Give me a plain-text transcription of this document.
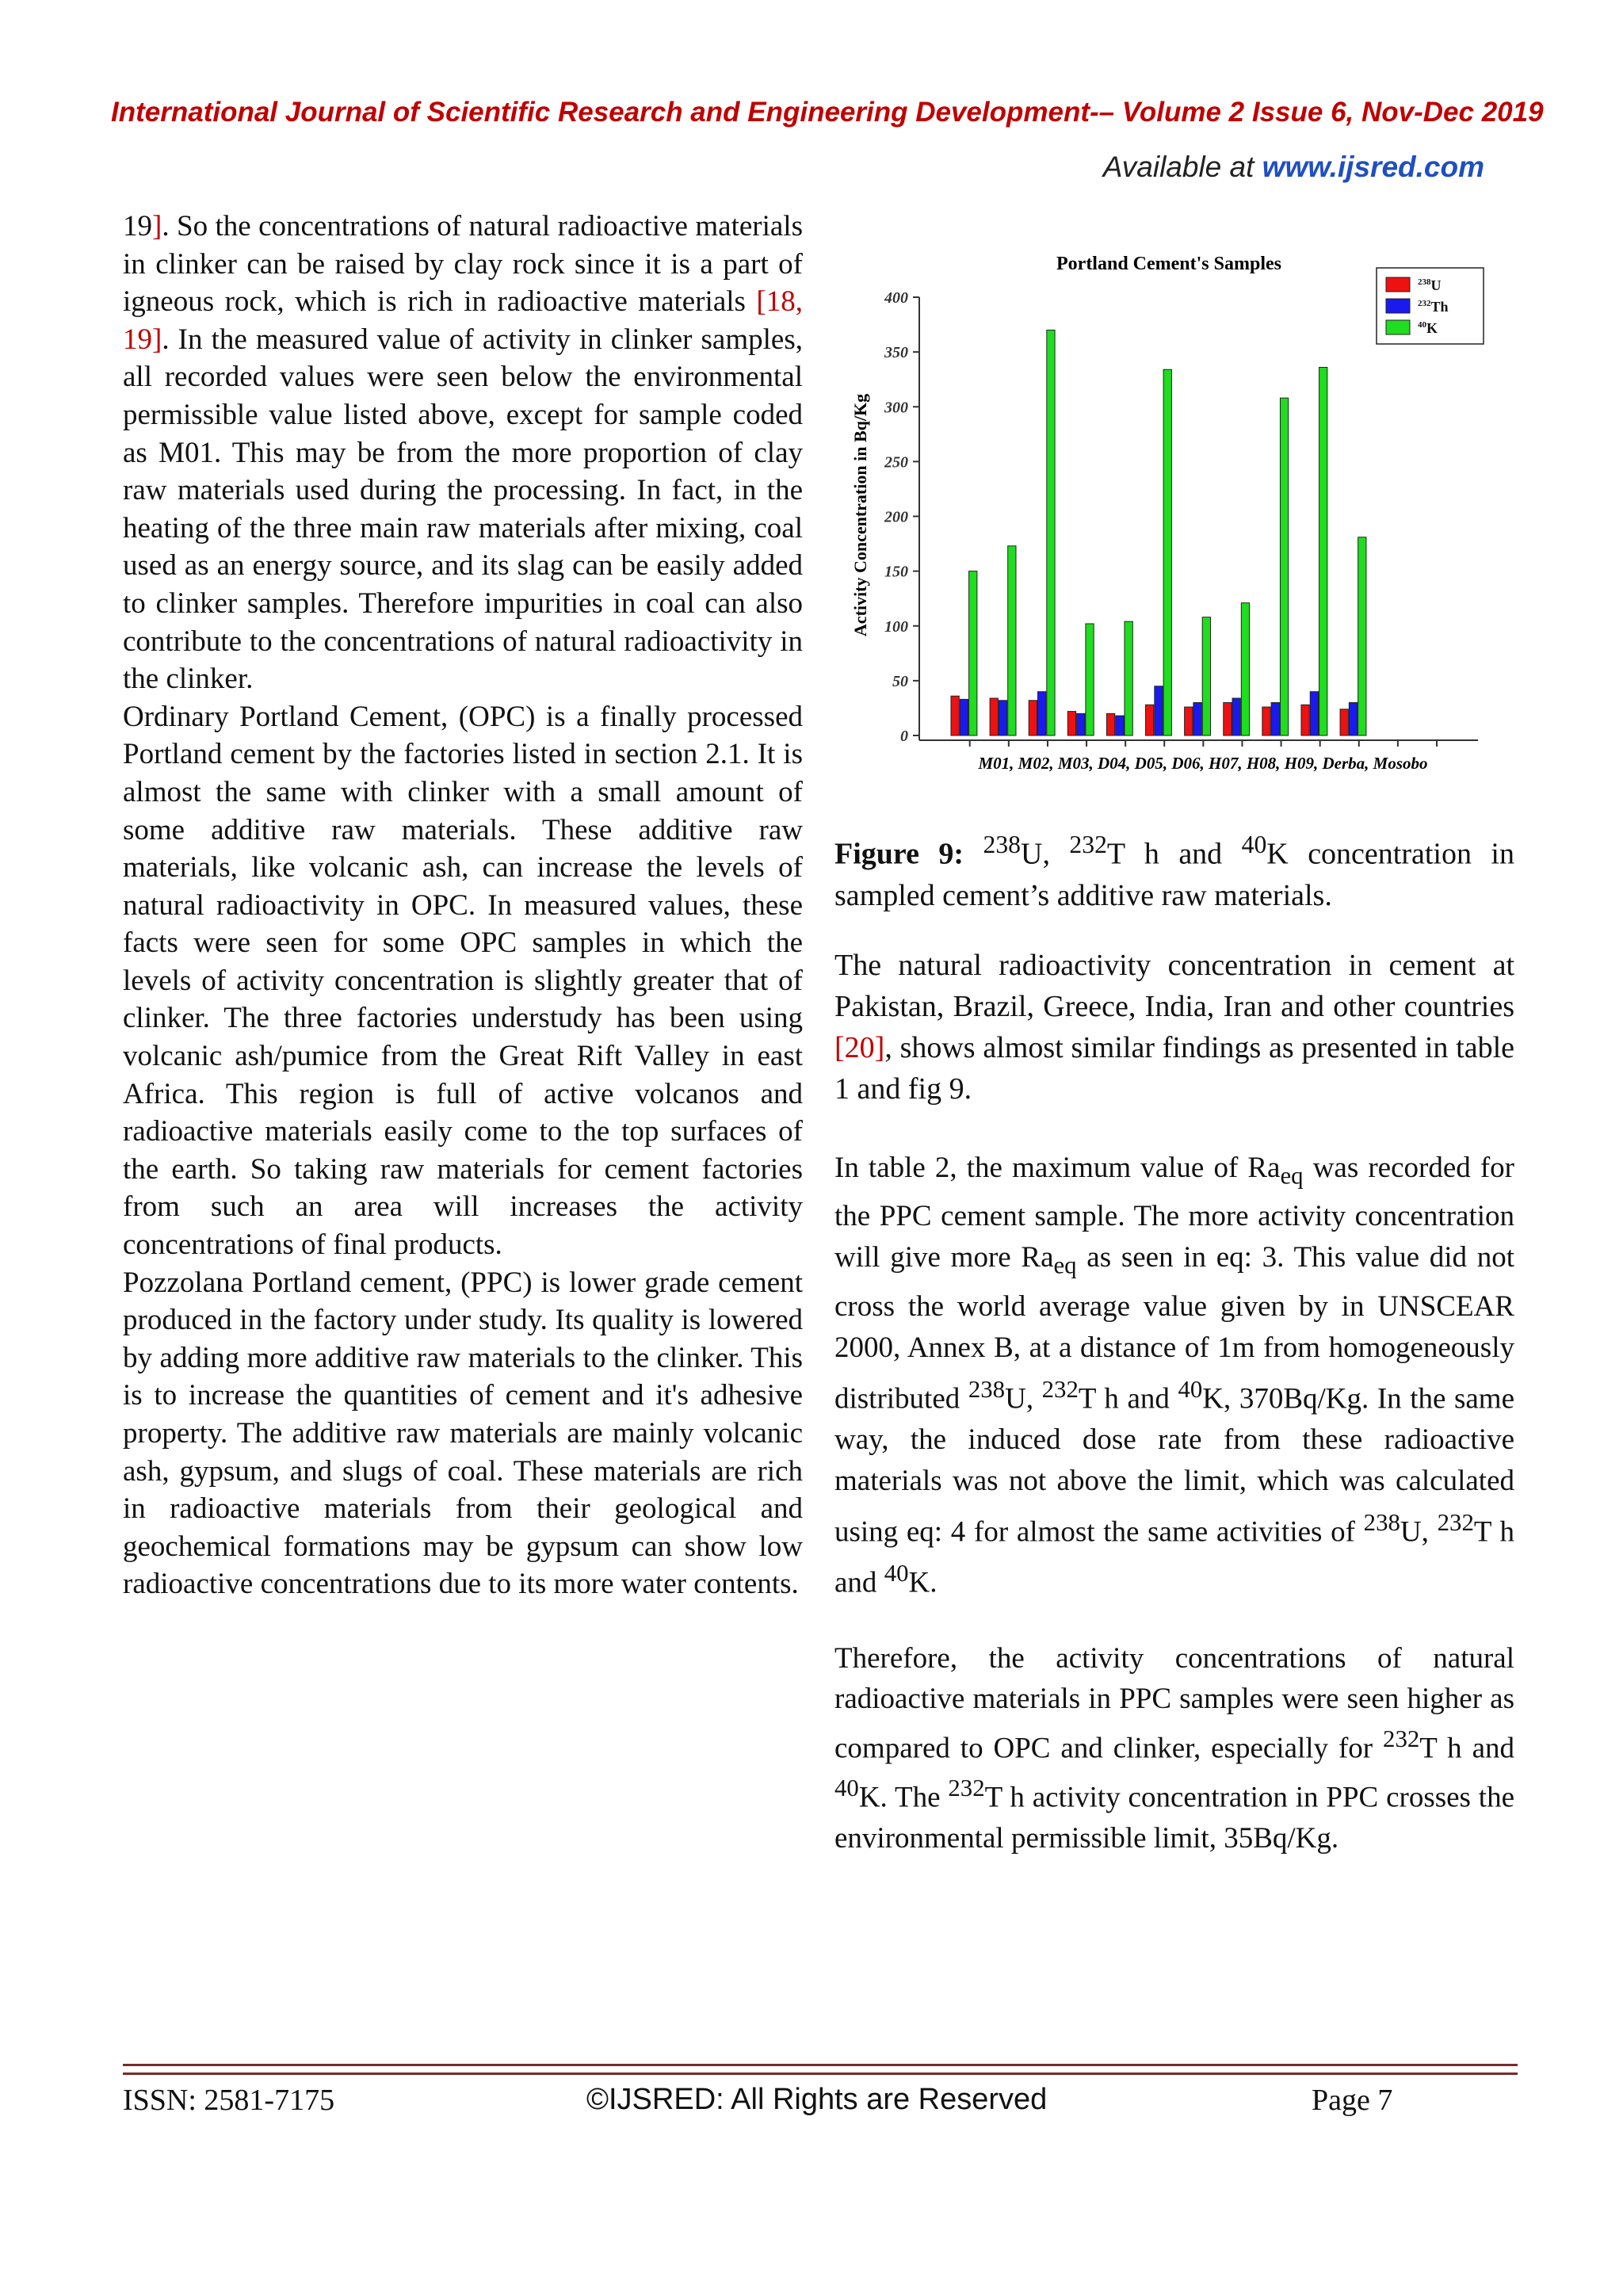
International Journal of Scientific Research and Engineering Development-– Volume 2 Issue 6, Nov-Dec 2019
Available at www.ijsred.com

19]. So the concentrations of natural radioactive materials in clinker can be raised by clay rock since it is a part of igneous rock, which is rich in radioactive materials [18, 19]. In the measured value of activity in clinker samples, all recorded values were seen below the environmental permissible value listed above, except for sample coded as M01. This may be from the more proportion of clay raw materials used during the processing. In fact, in the heating of the three main raw materials after mixing, coal used as an energy source, and its slag can be easily added to clinker samples. Therefore impurities in coal can also contribute to the concentrations of natural radioactivity in the clinker.

Ordinary Portland Cement, (OPC) is a finally processed Portland cement by the factories listed in section 2.1. It is almost the same with clinker with a small amount of some additive raw materials. These additive raw materials, like volcanic ash, can increase the levels of natural radioactivity in OPC. In measured values, these facts were seen for some OPC samples in which the levels of activity concentration is slightly greater that of clinker. The three factories understudy has been using volcanic ash/pumice from the Great Rift Valley in east Africa. This region is full of active volcanos and radioactive materials easily come to the top surfaces of the earth. So taking raw materials for cement factories from such an area will increases the activity concentrations of final products.

Pozzolana Portland cement, (PPC) is lower grade cement produced in the factory under study. Its quality is lowered by adding more additive raw materials to the clinker. This is to increase the quantities of cement and it's adhesive property. The additive raw materials are mainly volcanic ash, gypsum, and slugs of coal. These materials are rich in radioactive materials from their geological and geochemical formations may be gypsum can show low radioactive concentrations due to its more water contents.

Portland Cement's Samples
Activity Concentration in Bq/Kg
M01, M02, M03, D04, D05, D06, H07, H08, H09, Derba, Mosobo
0
50
100
150
200
250
300
350
400
$^{238}$U
$^{232}$Th
$^{40}$K
Figure 9: $^{238}$U, $^{232}$T h and $^{40}$K concentration in sampled cement’s additive raw materials.
The natural radioactivity concentration in cement at Pakistan, Brazil, Greece, India, Iran and other countries [20], shows almost similar findings as presented in table 1 and fig 9.
In table 2, the maximum value of $Ra_{eq}$ was recorded for the PPC cement sample. The more activity concentration will give more $Ra_{eq}$ as seen in eq: 3. This value did not cross the world average value given by in UNSCEAR 2000, Annex B, at a distance of 1m from homogeneously distributed $^{238}$U, $^{232}$T h and $^{40}$K, 370Bq/Kg. In the same way, the induced dose rate from these radioactive materials was not above the limit, which was calculated using eq: 4 for almost the same activities of $^{238}$U, $^{232}$T h and $^{40}$K.
Therefore, the activity concentrations of natural radioactive materials in PPC samples were seen higher as compared to OPC and clinker, especially for $^{232}$T h and $^{40}$K. The $^{232}$T h activity concentration in PPC crosses the environmental permissible limit, 35Bq/Kg.
ISSN: 2581-7175	©IJSRED: All Rights are Reserved	Page 7
